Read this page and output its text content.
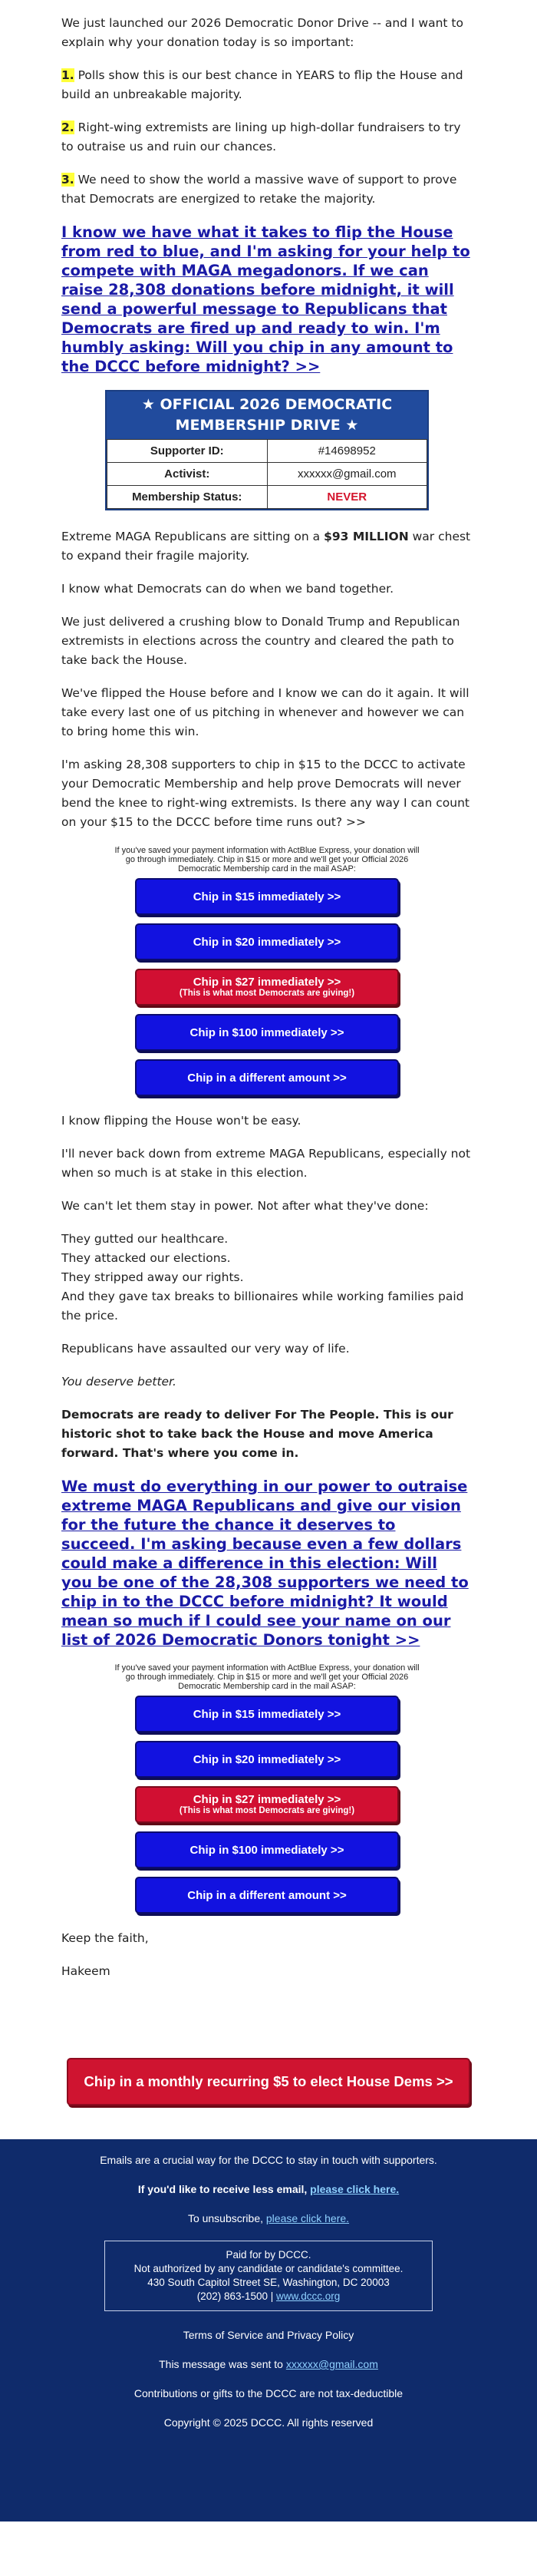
We just launched our 2026 Democratic Donor Drive -- and I want to explain why your donation today is so important:

1. Polls show this is our best chance in YEARS to flip the House and build an unbreakable majority.

2. Right-wing extremists are lining up high-dollar fundraisers to try to outraise us and ruin our chances.

3. We need to show the world a massive wave of support to prove that Democrats are energized to retake the majority.

I know we have what it takes to flip the House from red to blue, and I'm asking for your help to compete with MAGA megadonors. If we can raise 28,308 donations before midnight, it will send a powerful message to Republicans that Democrats are fired up and ready to win. I'm humbly asking: Will you chip in any amount to the DCCC before midnight? >>
★ OFFICIAL 2026 DEMOCRATIC MEMBERSHIP DRIVE ★
Supporter ID:	#14698952
Activist:	xxxxxx@gmail.com
Membership Status:	NEVER

Extreme MAGA Republicans are sitting on a $93 MILLION war chest to expand their fragile majority.

I know what Democrats can do when we band together.

We just delivered a crushing blow to Donald Trump and Republican extremists in elections across the country and cleared the path to take back the House.

We've flipped the House before and I know we can do it again. It will take every last one of us pitching in whenever and however we can to bring home this win.

I'm asking 28,308 supporters to chip in $15 to the DCCC to activate your Democratic Membership and help prove Democrats will never bend the knee to right-wing extremists. Is there any way I can count on your $15 to the DCCC before time runs out? >>

If you've saved your payment information with ActBlue Express, your donation will go through immediately. Chip in $15 or more and we'll get your Official 2026 Democratic Membership card in the mail ASAP:
Chip in $15 immediately >>
Chip in $20 immediately >>
Chip in $27 immediately >>
(This is what most Democrats are giving!)
Chip in $100 immediately >>
Chip in a different amount >>

I know flipping the House won't be easy.

I'll never back down from extreme MAGA Republicans, especially not when so much is at stake in this election.

We can't let them stay in power. Not after what they've done:

They gutted our healthcare.
They attacked our elections.
They stripped away our rights.
And they gave tax breaks to billionaires while working families paid the price.

Republicans have assaulted our very way of life.

You deserve better.

Democrats are ready to deliver For The People. This is our historic shot to take back the House and move America forward. That's where you come in.

We must do everything in our power to outraise extreme MAGA Republicans and give our vision for the future the chance it deserves to succeed. I'm asking because even a few dollars could make a difference in this election: Will you be one of the 28,308 supporters we need to chip in to the DCCC before midnight? It would mean so much if I could see your name on our list of 2026 Democratic Donors tonight >>
If you've saved your payment information with ActBlue Express, your donation will go through immediately. Chip in $15 or more and we'll get your Official 2026 Democratic Membership card in the mail ASAP:
Chip in $15 immediately >>
Chip in $20 immediately >>
Chip in $27 immediately >>
(This is what most Democrats are giving!)
Chip in $100 immediately >>
Chip in a different amount >>

Keep the faith,

Hakeem

Chip in a monthly recurring $5 to elect House Dems >>

Emails are a crucial way for the DCCC to stay in touch with supporters.

If you'd like to receive less email, please click here.

To unsubscribe, please click here.

Paid for by DCCC.
Not authorized by any candidate or candidate's committee.
430 South Capitol Street SE, Washington, DC 20003
(202) 863-1500 | www.dccc.org

Terms of Service and Privacy Policy

This message was sent to xxxxxx@gmail.com

Contributions or gifts to the DCCC are not tax-deductible

Copyright © 2025 DCCC. All rights reserved
